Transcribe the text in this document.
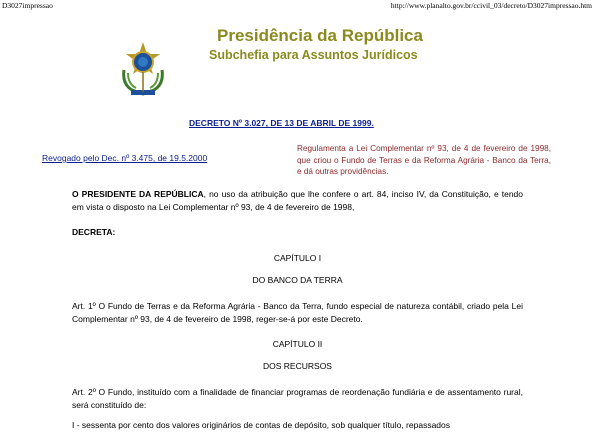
D3027impressao	http://www.planalto.gov.br/ccivil_03/decreto/D3027impressao.htm
Presidência da República
Subchefia para Assuntos Jurídicos
DECRETO Nº 3.027, DE 13 DE ABRIL DE 1999.
Revogado pelo Dec. nº 3.475, de 19.5.2000
Regulamenta a Lei Complementar nº 93, de 4 de fevereiro de 1998, que criou o Fundo de Terras e da Reforma Agrária - Banco da Terra, e dá outras providências.
O PRESIDENTE DA REPÚBLICA, no uso da atribuição que lhe confere o art. 84, inciso IV, da Constituição, e tendo em vista o disposto na Lei Complementar nº 93, de 4 de fevereiro de 1998,
DECRETA:
CAPÍTULO I
DO BANCO DA TERRA
Art. 1º O Fundo de Terras e da Reforma Agrária - Banco da Terra, fundo especial de natureza contábil, criado pela Lei Complementar nº 93, de 4 de fevereiro de 1998, reger-se-á por este Decreto.
CAPÍTULO II
DOS RECURSOS
Art. 2º O Fundo, instituído com a finalidade de financiar programas de reordenação fundiária e de assentamento rural, será constituído de:
I - sessenta por cento dos valores originários de contas de depósito, sob qualquer título, repassados
